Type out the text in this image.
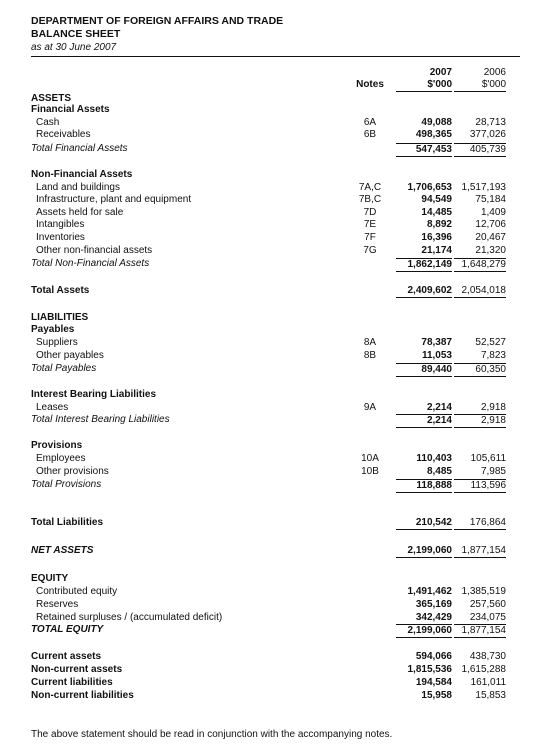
DEPARTMENT OF FOREIGN AFFAIRS AND TRADE
BALANCE SHEET
as at 30 June 2007
2007	2006
Notes	$'000	$'000
ASSETS
Financial Assets
Cash	6A	49,088	28,713
Receivables	6B	498,365	377,026
Total Financial Assets	547,453	405,739
Non-Financial Assets
Land and buildings	7A,C	1,706,653 1,517,193
Infrastructure, plant and equipment	7B,C	94,549	75,184
Assets held for sale	7D	14,485	1,409
Intangibles	7E	8,892	12,706
Inventories	7F	16,396	20,467
Other non-financial assets	7G	21,174	21,320
Total Non-Financial Assets	1,862,149 1,648,279
Total Assets	2,409,602 2,054,018
LIABILITIES
Payables
Suppliers	8A	78,387	52,527
Other payables	8B	11,053	7,823
Total Payables	89,440	60,350
Interest Bearing Liabilities
Leases	9A	2,214	2,918
Total Interest Bearing Liabilities	2,214	2,918
Provisions
Employees	10A	110,403	105,611
Other provisions	10B	8,485	7,985
Total Provisions	118,888	113,596
Total Liabilities	210,542	176,864
NET ASSETS	2,199,060 1,877,154
EQUITY
Contributed equity	1,491,462 1,385,519
Reserves	365,169	257,560
Retained surpluses / (accumulated deficit)	342,429	234,075
TOTAL EQUITY	2,199,060 1,877,154
Current assets	594,066	438,730
Non-current assets	1,815,536 1,615,288
Current liabilities	194,584	161,011
Non-current liabilities	15,958	15,853
The above statement should be read in conjunction with the accompanying notes.
